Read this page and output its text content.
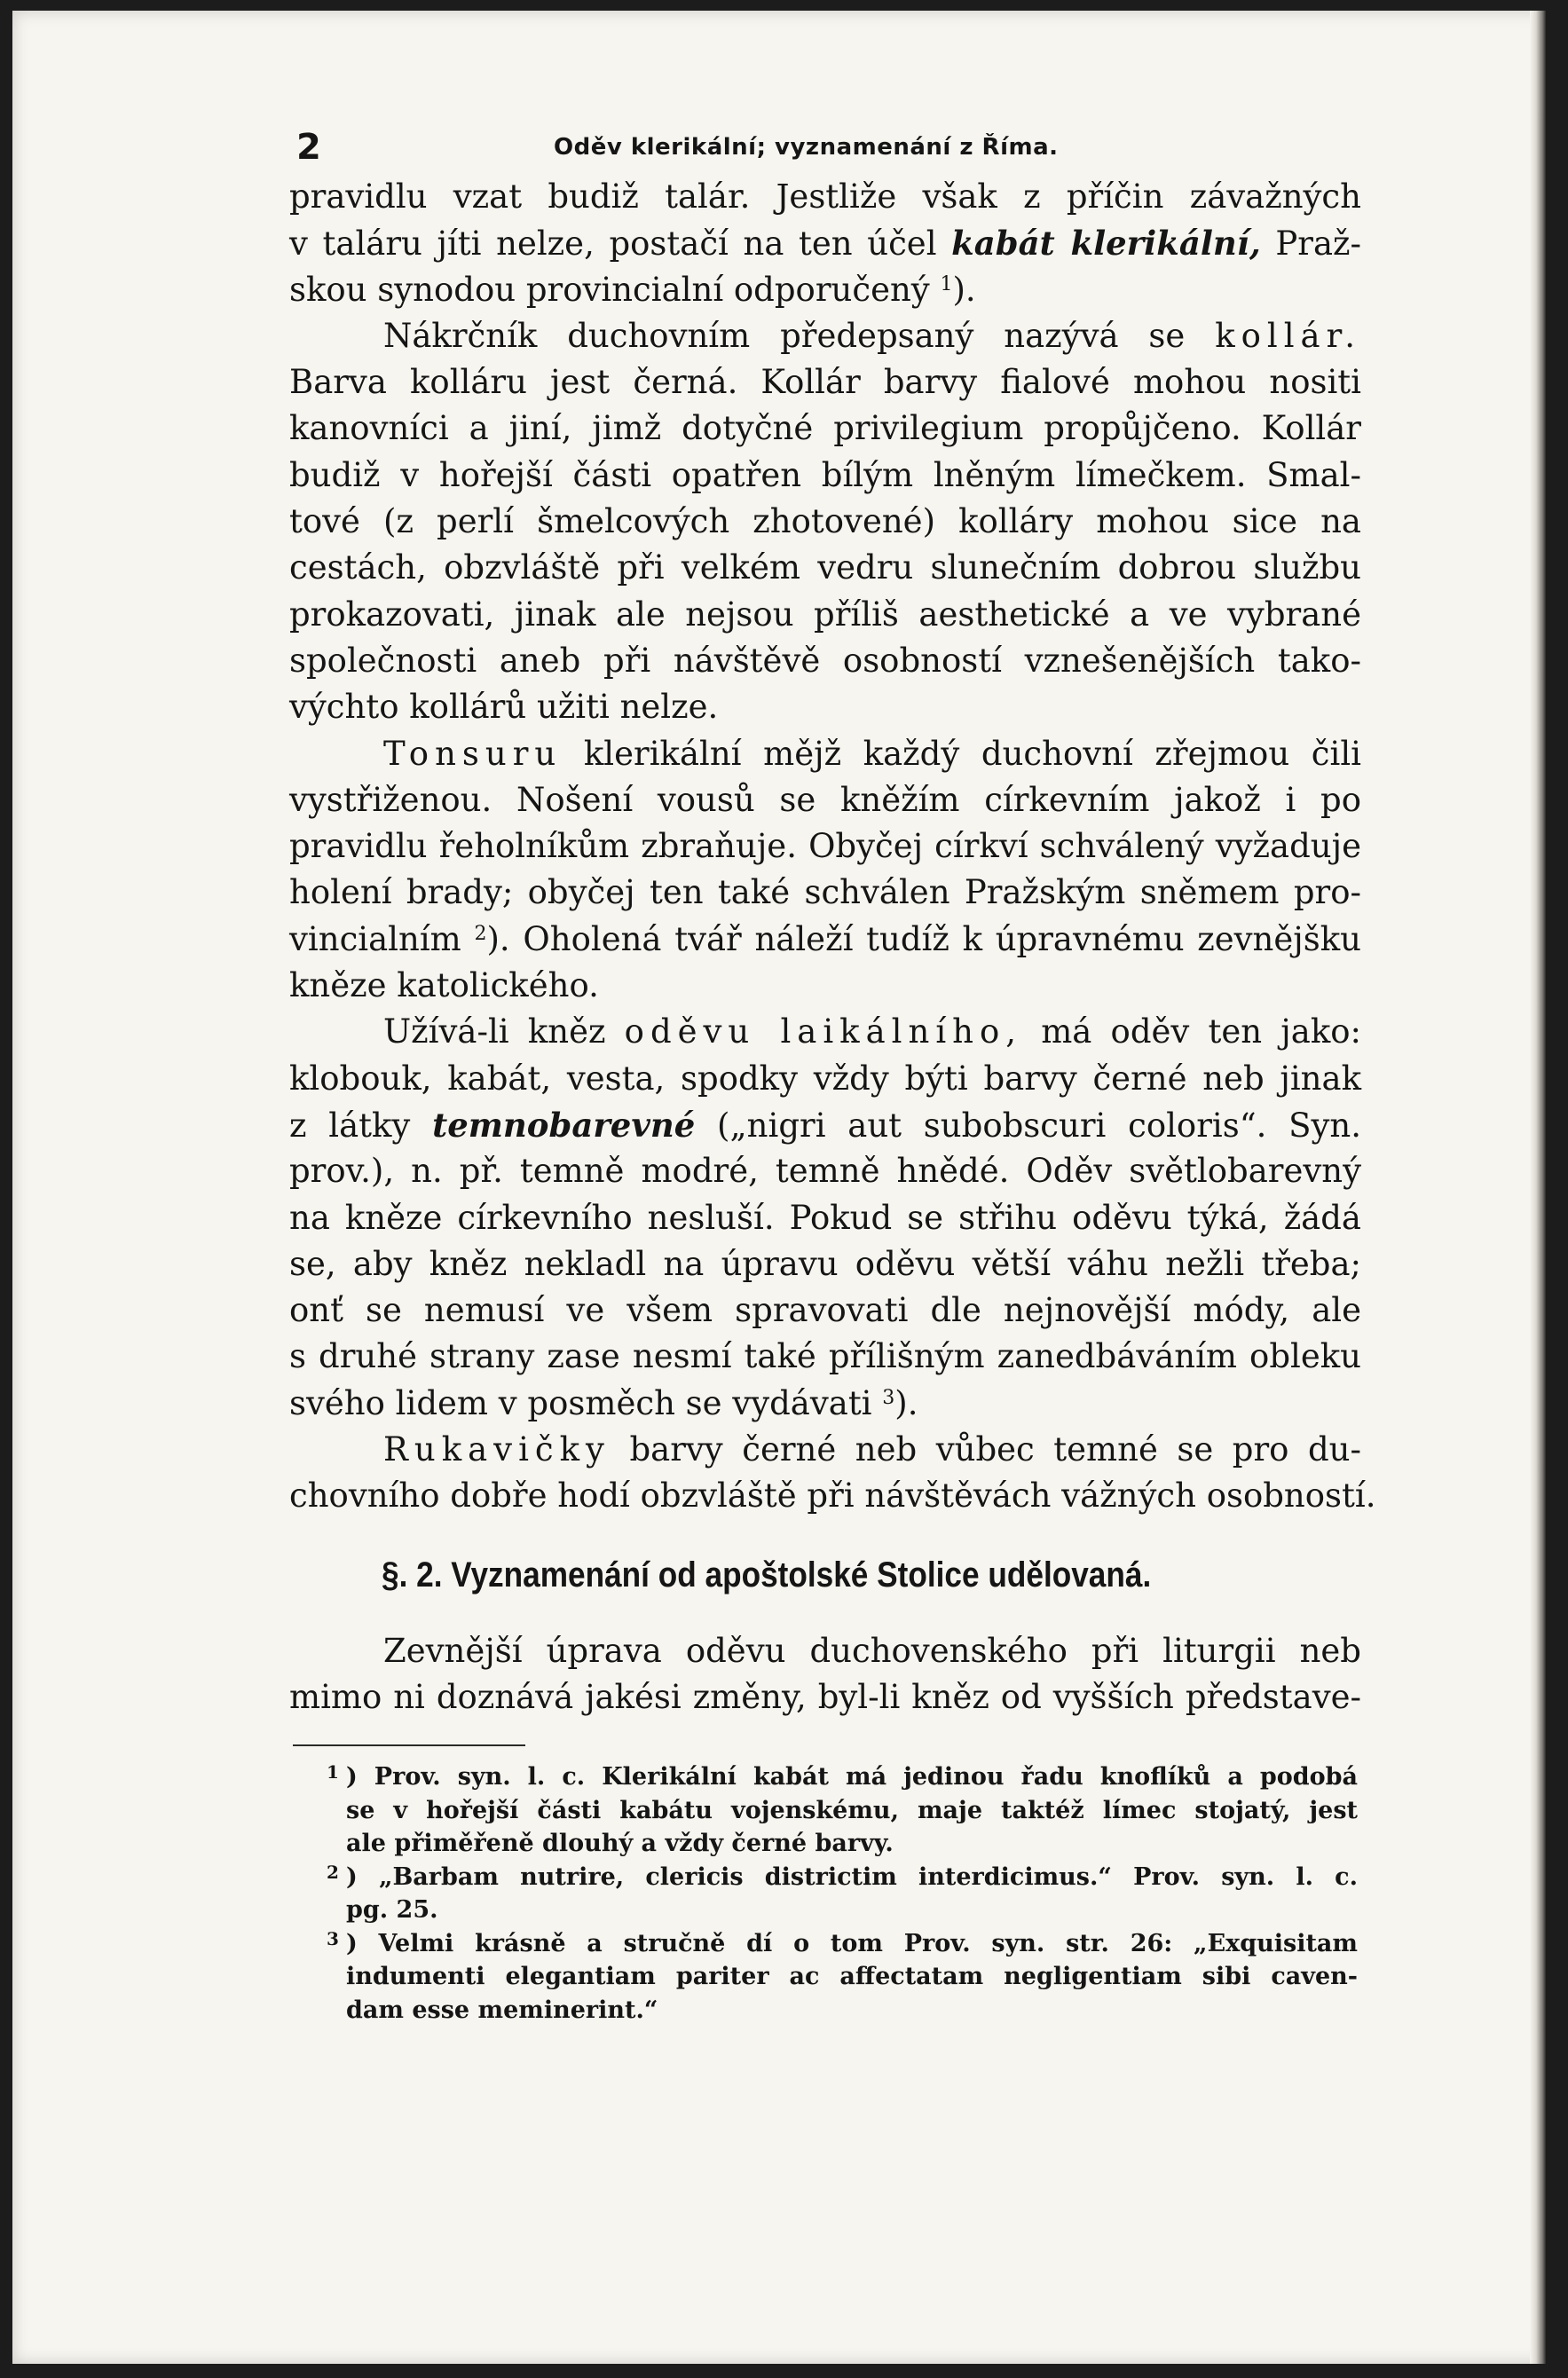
2	Oděv klerikální; vyznamenání z Říma.
pravidlu vzat budiž talár. Jestliže však z příčin závažných
v taláru jíti nelze, postačí na ten účel kabát klerikální, Praž-
skou synodou provincialní odporučený $^1$).
Nákrčník duchovním předepsaný nazývá se kollár.
Barva kolláru jest černá. Kollár barvy fialové mohou nositi
kanovníci a jiní, jimž dotyčné privilegium propůjčeno. Kollár
budiž v hořejší části opatřen bílým lněným límečkem. Smal-
tové (z perlí šmelcových zhotovené) kolláry mohou sice na
cestách, obzvláště při velkém vedru slunečním dobrou službu
prokazovati, jinak ale nejsou příliš aesthetické a ve vybrané
společnosti aneb při návštěvě osobností vznešenějších tako-
výchto kollárů užiti nelze.
Tonsuru klerikální mějž každý duchovní zřejmou čili
vystřiženou. Nošení vousů se kněžím církevním jakož i po
pravidlu řeholníkům zbraňuje. Obyčej církví schválený vyžaduje
holení brady; obyčej ten také schválen Pražským sněmem pro-
vincialním $^2$). Oholená tvář náleží tudíž k úpravnému zevnějšku
kněze katolického.
Užívá-li kněz oděvu laikálního, má oděv ten jako:
klobouk, kabát, vesta, spodky vždy býti barvy černé neb jinak
z látky temnobarevné („nigri aut subobscuri coloris“. Syn.
prov.), n. př. temně modré, temně hnědé. Oděv světlobarevný
na kněze církevního nesluší. Pokud se střihu oděvu týká, žádá
se, aby kněz nekladl na úpravu oděvu větší váhu nežli třeba;
onť se nemusí ve všem spravovati dle nejnovější módy, ale
s druhé strany zase nesmí také přílišným zanedbáváním obleku
svého lidem v posměch se vydávati $^3$).
Rukavičky barvy černé neb vůbec temné se pro du-
chovního dobře hodí obzvláště při návštěvách vážných osobností.
§. 2. Vyznamenání od apoštolské Stolice udělovaná.
Zevnější úprava oděvu duchovenského při liturgii neb
mimo ni doznává jakési změny, byl-li kněz od vyšších představe-
1 ) Prov. syn. l. c. Klerikální kabát má jedinou řadu knoflíků a podobá
se v hořejší části kabátu vojenskému, maje taktéž límec stojatý, jest
ale přiměřeně dlouhý a vždy černé barvy.
2 ) „Barbam nutrire, clericis districtim interdicimus.“ Prov. syn. l. c.
pg. 25.
3 ) Velmi krásně a stručně dí o tom Prov. syn. str. 26: „Exquisitam
indumenti elegantiam pariter ac affectatam negligentiam sibi caven-
dam esse meminerint.“
